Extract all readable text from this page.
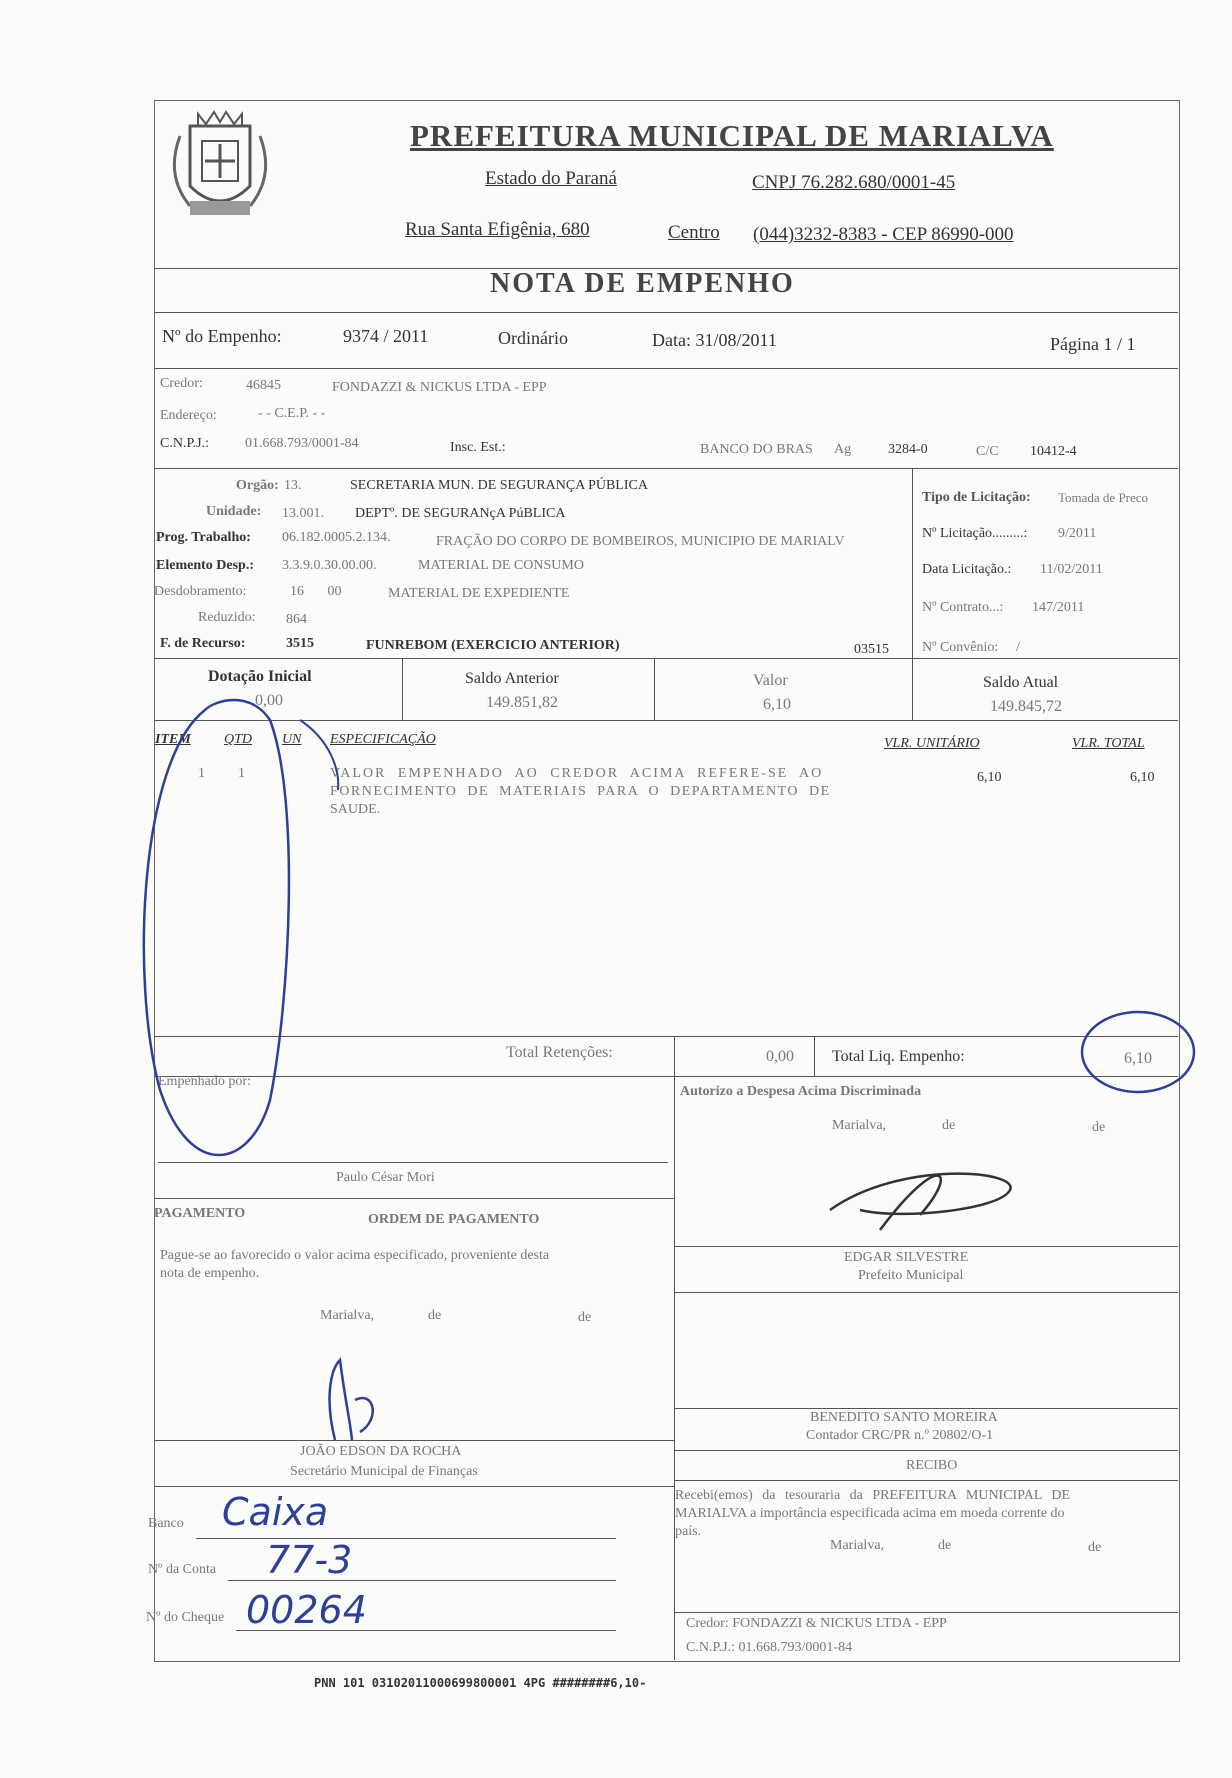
PREFEITURA MUNICIPAL DE MARIALVA
Estado do Paraná	CNPJ 76.282.680/0001-45
Rua Santa Efigênia, 680	Centro (044)3232-8383 - CEP 86990-000
NOTA DE EMPENHO
Nº do Empenho:	9374 / 2011	Ordinário	Data: 31/08/2011	Página 1 / 1
Credor:	46845	FONDAZZI & NICKUS LTDA - EPP
Endereço:	- - C.E.P. - -
C.N.P.J.:	01.668.793/0001-84	Insc. Est.:	BANCO DO BRAS Ag	3284-0	C/C 10412-4
Orgão: 13.	SECRETARIA MUN. DE SEGURANÇA PÚBLICA
Unidade: 13.001. DEPTº. DE SEGURANçA PúBLICA
Prog. Trabalho: 06.182.0005.2.134.	FRAÇÃO DO CORPO DE BOMBEIROS, MUNICIPIO DE MARIALV
Elemento Desp.: 3.3.9.0.30.00.00.	MATERIAL DE CONSUMO
Desdobramento:	16 00	MATERIAL DE EXPEDIENTE
Reduzido: 864
F. de Recurso:	3515	FUNREBOM (EXERCICIO ANTERIOR)	03515
Tipo de Licitação: Tomada de Preco
Nº Licitação.........: 9/2011
Data Licitação.: 11/02/2011
Nº Contrato...: 147/2011
Nº Convênio: /
Dotação Inicial
0,00
Saldo Anterior
149.851,82
Valor
6,10
Saldo Atual
149.845,72
ITEM QTD UN ESPECIFICAÇÃO	VLR. UNITÁRIO	VLR. TOTAL
1 1	VALOR EMPENHADO AO CREDOR ACIMA REFERE-SE AO
FORNECIMENTO DE MATERIAIS PARA O DEPARTAMENTO DE
SAUDE.
6,10	6,10
Total Retenções:	0,00 Total Liq. Empenho:	6,10
Empenhado por:
Paulo César Mori
Autorizo a Despesa Acima Discriminada
Marialva,	de	de
PAGAMENTO	ORDEM DE PAGAMENTO
Pague-se ao favorecido o valor acima especificado, proveniente desta
nota de empenho.
Marialva,	de	de
EDGAR SILVESTRE
Prefeito Municipal
BENEDITO SANTO MOREIRA
Contador CRC/PR n.º 20802/O-1
RECIBO
Recebi(emos) da tesouraria da PREFEITURA MUNICIPAL DE
MARIALVA a importância especificada acima em moeda corrente do
país.
Marialva,	de	de
Credor: FONDAZZI & NICKUS LTDA - EPP
C.N.P.J.: 01.668.793/0001-84
JOÃO EDSON DA ROCHA
Secretário Municipal de Finanças
Banco Caixa
Nº da Conta 77-3
Nº do Cheque 00264
PNN 101 03102011000699800001 4PG ########6,10-
